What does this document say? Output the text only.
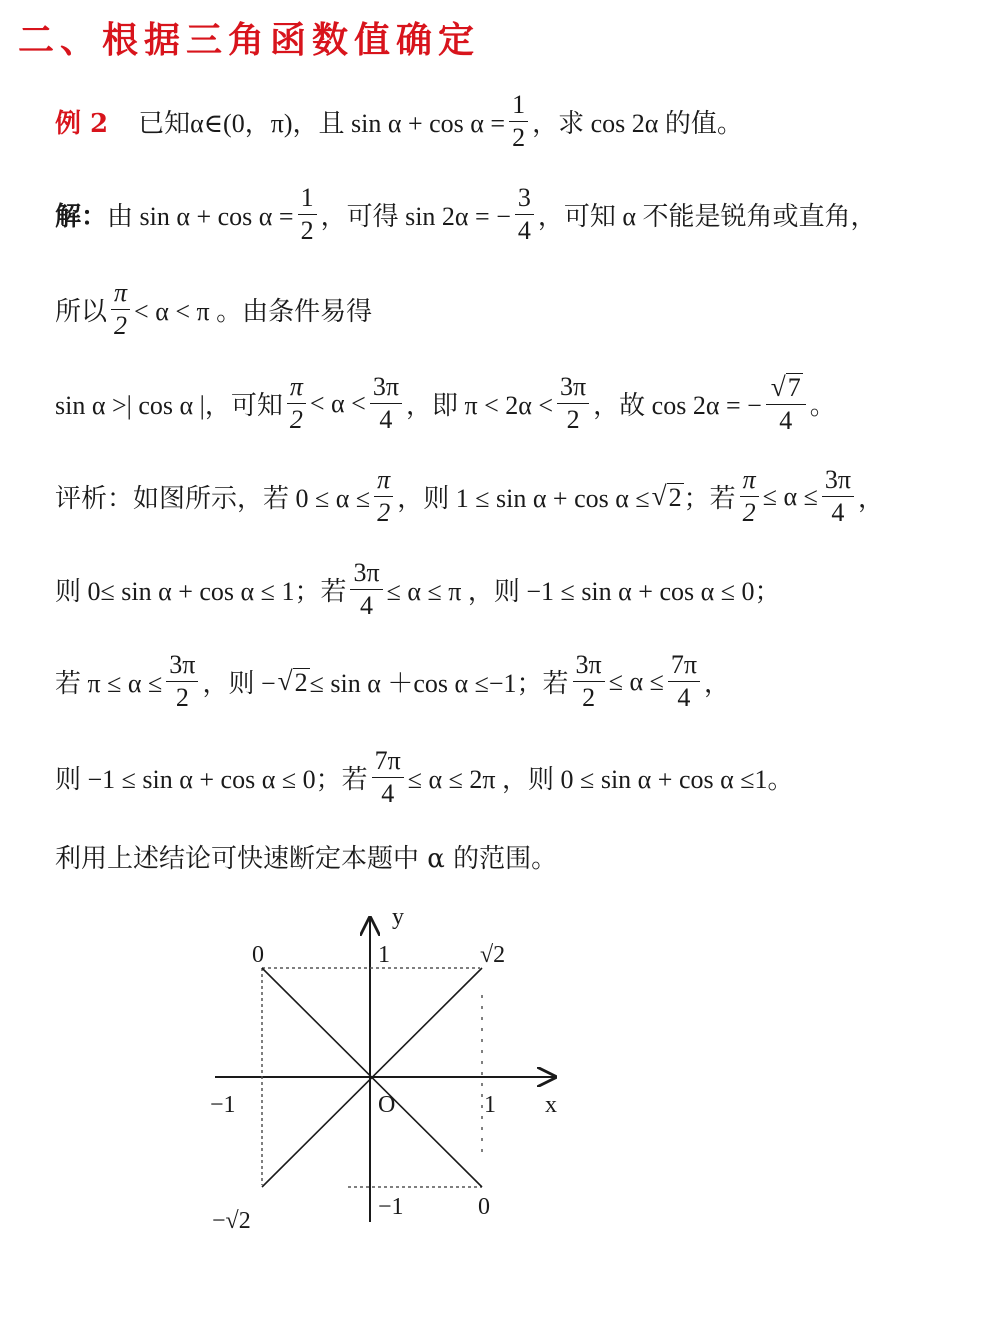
二、根据三角函数值确定
例 2 已知 α∈(0，π)，且 $\sin \alpha + \cos \alpha = \frac{1}{2}$ ，求 cos 2α 的值。
解： 由 $\sin \alpha + \cos \alpha = \frac{1}{2}$ ，可得 sin 2α = − $\frac{3}{4}$ ，可知 α 不能是锐角或直角，
所以 $\frac{\pi}{2} < \alpha < \pi$ 。由条件易得
sin α >| cos α |，可知 $\frac{\pi}{2} < \alpha < \frac{3\pi}{4}$ ，即 $\pi < 2\alpha < \frac{3\pi}{2}$ ，故 cos 2α = − $\frac{√ 7}{4}$ 。
评析：如图所示，若 $0 \le \alpha \le \frac{\pi}{2}$ ，则 1 ≤ sin α + cos α ≤ √ 2 ；若 $\frac{\pi}{2} \le \alpha \le \frac{3\pi}{4}$ ，
则 0≤ sin α + cos α ≤ 1；若 $\frac{3\pi}{4} \le \alpha \le \pi$ ，则 −1 ≤ sin α + cos α ≤ 0；
若 $\pi \le \alpha \le \frac{3\pi}{2}$ ，则 − √ 2 ≤ sin α ＋cos α ≤−1；若 $\frac{3\pi}{2} \le \alpha \le \frac{7\pi}{4}$ ，
则 −1 ≤ sin α + cos α ≤ 0；若 $\frac{7\pi}{4} \le \alpha \le 2\pi$ ，则 0 ≤ sin α + cos α ≤1。
利用上述结论可快速断定本题中 α 的范围。
y
x
O
0	1	√2
−1	1
−√2
−1	0
